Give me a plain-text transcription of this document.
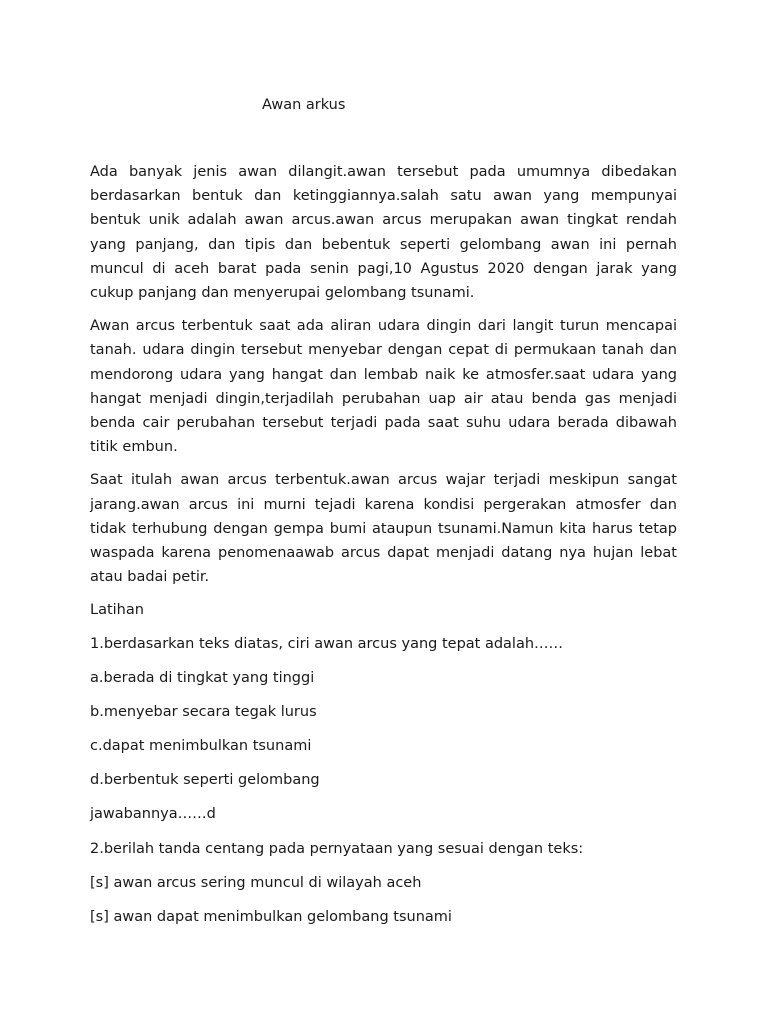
Awan arkus

Ada banyak jenis awan dilangit.awan tersebut pada umumnya dibedakan berdasarkan bentuk dan ketinggiannya.salah satu awan yang mempunyai bentuk unik adalah awan arcus.awan arcus merupakan awan tingkat rendah yang panjang, dan tipis dan bebentuk seperti gelombang awan ini pernah muncul di aceh barat pada senin pagi,10 Agustus 2020 dengan jarak yang cukup panjang dan menyerupai gelombang tsunami.

Awan arcus terbentuk saat ada aliran udara dingin dari langit turun mencapai tanah. udara dingin tersebut menyebar dengan cepat di permukaan tanah dan mendorong udara yang hangat dan lembab naik ke atmosfer.saat udara yang hangat menjadi dingin,terjadilah perubahan uap air atau benda gas menjadi benda cair perubahan tersebut terjadi pada saat suhu udara berada dibawah titik embun.

Saat itulah awan arcus terbentuk.awan arcus wajar terjadi meskipun sangat jarang.awan arcus ini murni tejadi karena kondisi pergerakan atmosfer dan tidak terhubung dengan gempa bumi ataupun tsunami.Namun kita harus tetap waspada karena penomenaawab arcus dapat menjadi datang nya hujan lebat atau badai petir.

Latihan

1.berdasarkan teks diatas, ciri awan arcus yang tepat adalah……

a.berada di tingkat yang tinggi

b.menyebar secara tegak lurus

c.dapat menimbulkan tsunami

d.berbentuk seperti gelombang

jawabannya……d

2.berilah tanda centang pada pernyataan yang sesuai dengan teks:

[s] awan arcus sering muncul di wilayah aceh

[s] awan dapat menimbulkan gelombang tsunami
